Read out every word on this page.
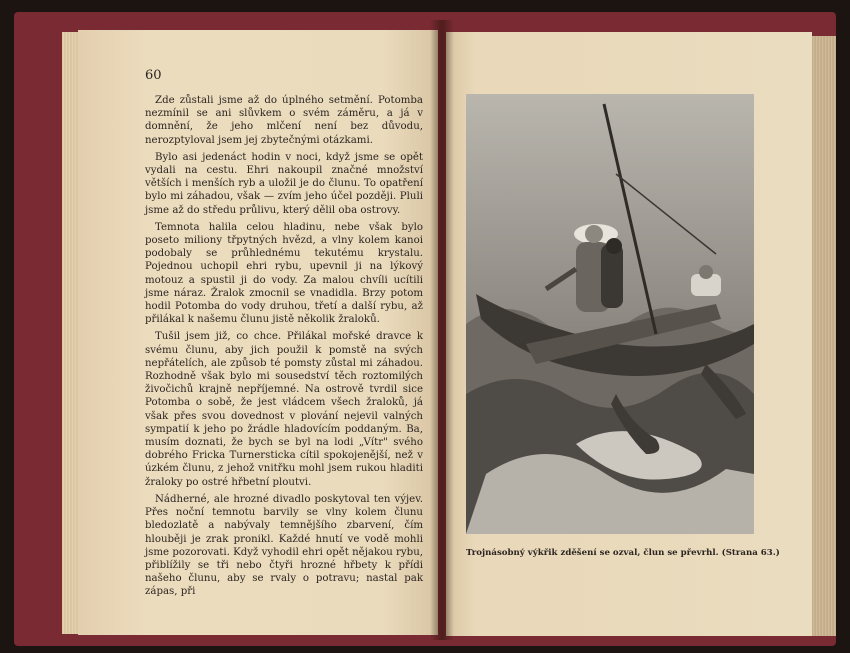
60

Zde zůstali jsme až do úplného setmění. Potomba nezmínil se ani slůvkem o svém záměru, a já v domnění, že jeho mlčení není bez důvodu, nerozptyloval jsem jej zbytečnými otázkami.

Bylo asi jedenáct hodin v noci, když jsme se opět vydali na cestu. Ehri nakoupil značné množství větších i menších ryb a uložil je do člunu. To opatření bylo mi záhadou, však — zvím jeho účel později. Pluli jsme až do středu průlivu, který dělil oba ostrovy.

Temnota halila celou hladinu, nebe však bylo poseto miliony třpytných hvězd, a vlny kolem kanoi podobaly se průhlednému tekutému krystalu. Pojednou uchopil ehri rybu, upevnil ji na lýkový motouz a spustil ji do vody. Za malou chvíli ucítili jsme náraz. Žralok zmocnil se vnadidla. Brzy potom hodil Potomba do vody druhou, třetí a další rybu, až přilákal k našemu člunu jistě několik žraloků.

Tušil jsem již, co chce. Přilákal mořské dravce k svému člunu, aby jich použil k pomstě na svých nepřátelích, ale způsob té pomsty zůstal mi záhadou. Rozhodně však bylo mi sousedství těch roztomilých živočichů krajně nepříjemné. Na ostrově tvrdil sice Potomba o sobě, že jest vládcem všech žraloků, já však přes svou dovednost v plování nejevil valných sympatií k jeho po žrádle hladovícím poddaným. Ba, musím doznati, že bych se byl na lodi „Vítr" svého dobrého Fricka Turnersticka cítil spokojenější, než v úzkém člunu, z jehož vnitřku mohl jsem rukou hladiti žraloky po ostré hřbetní ploutvi.

Nádherné, ale hrozné divadlo poskytoval ten výjev. Přes noční temnotu barvily se vlny kolem člunu bledozlatě a nabývaly temnějšího zbarvení, čím hlouběji je zrak pronikl. Každé hnutí ve vodě mohli jsme pozorovati. Když vyhodil ehri opět nějakou rybu, přiblížily se tři nebo čtyři hrozné hřbety k přídi našeho člunu, aby se rvaly o potravu; nastal pak zápas, při

Trojnásobný výkřik zděšení se ozval, člun se převrhl. (Strana 63.)
